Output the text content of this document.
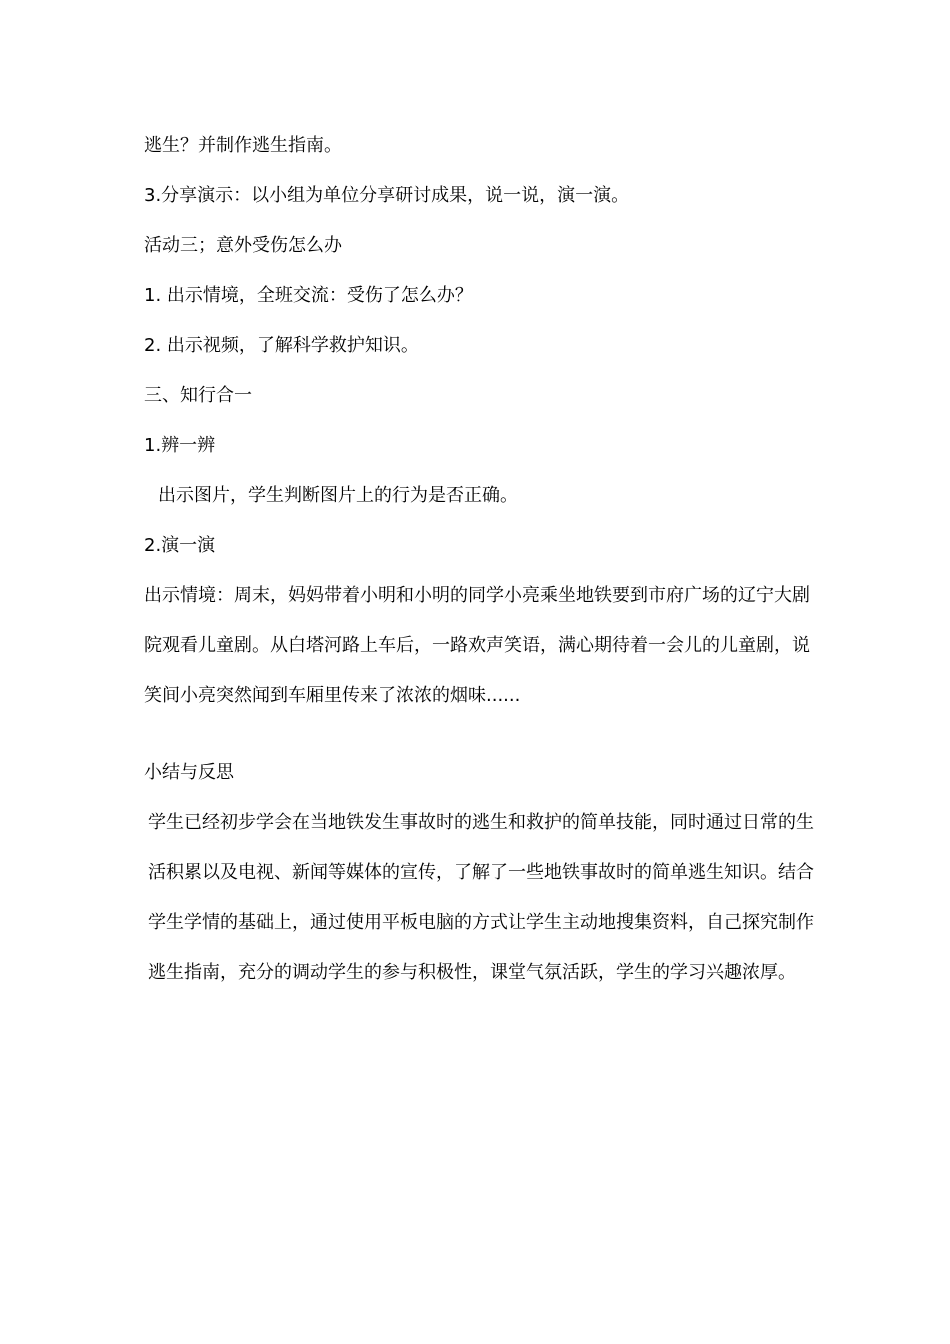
逃生？并制作逃生指南。

3.分享演示：以小组为单位分享研讨成果，说一说，演一演。

活动三；意外受伤怎么办

1. 出示情境，全班交流：受伤了怎么办？

2. 出示视频，了解科学救护知识。

三、知行合一

1.辨一辨

出示图片，学生判断图片上的行为是否正确。

2.演一演

出示情境：周末，妈妈带着小明和小明的同学小亮乘坐地铁要到市府广场的辽宁大剧院观看儿童剧。从白塔河路上车后，一路欢声笑语，满心期待着一会儿的儿童剧，说笑间小亮突然闻到车厢里传来了浓浓的烟味......

小结与反思

学生已经初步学会在当地铁发生事故时的逃生和救护的简单技能，同时通过日常的生活积累以及电视、新闻等媒体的宣传，了解了一些地铁事故时的简单逃生知识。结合学生学情的基础上，通过使用平板电脑的方式让学生主动地搜集资料，自己探究制作逃生指南，充分的调动学生的参与积极性，课堂气氛活跃，学生的学习兴趣浓厚。
